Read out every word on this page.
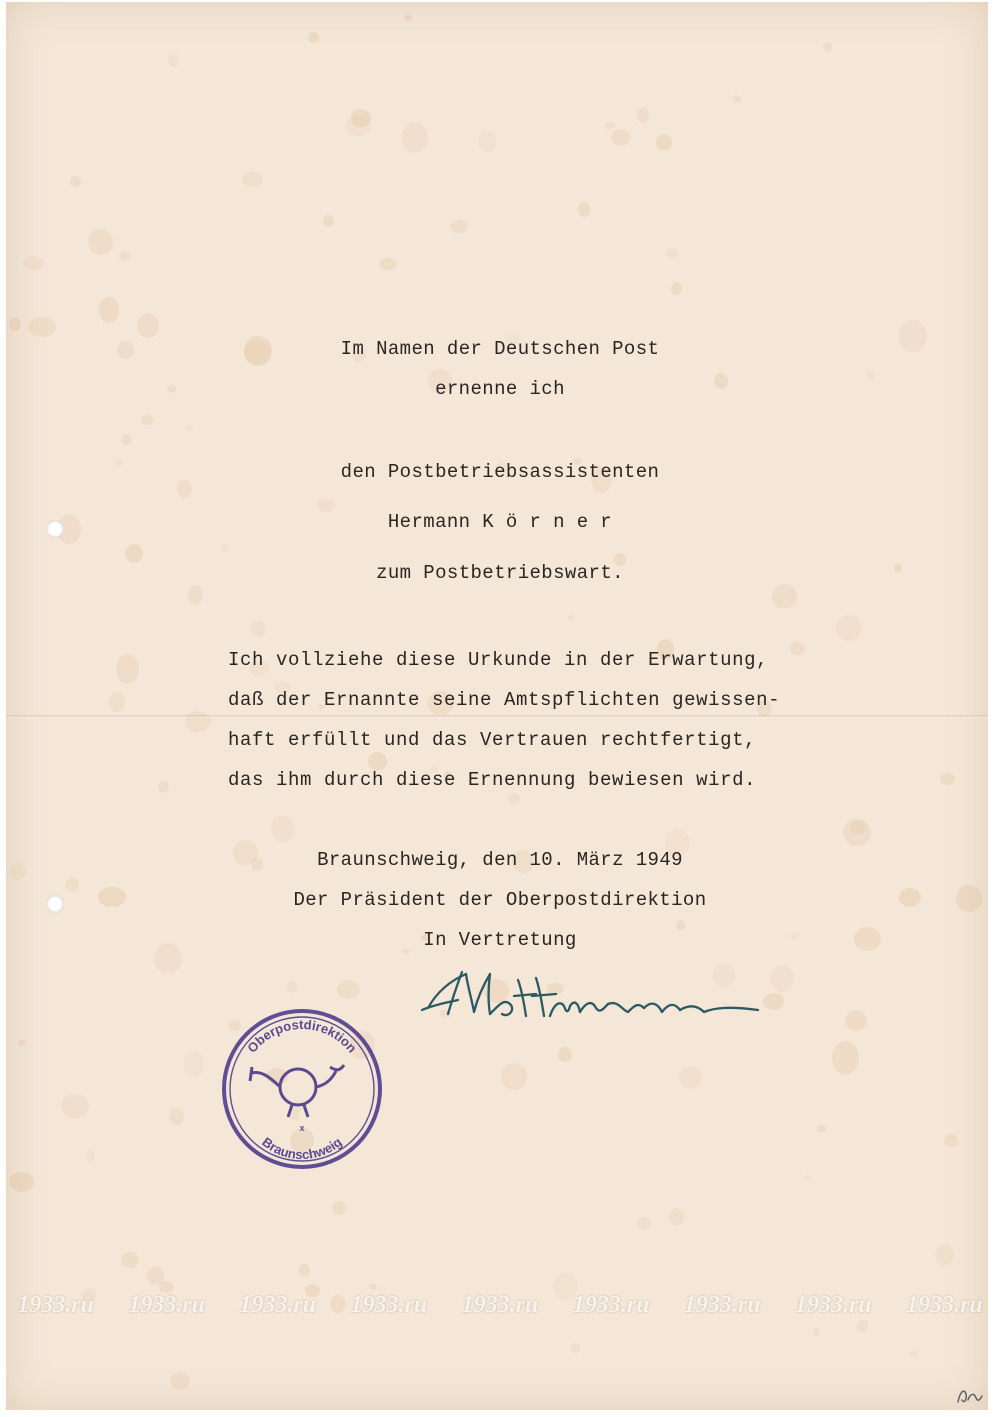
Im Namen der Deutschen Post
ernenne ich
den Postbetriebsassistenten
Hermann K ö r n e r
zum Postbetriebswart.
Ich vollziehe diese Urkunde in der Erwartung,
daß der Ernannte seine Amtspflichten gewissen-
haft erfüllt und das Vertrauen rechtfertigt,
das ihm durch diese Ernennung bewiesen wird.
Braunschweig, den 10. März 1949
Der Präsident der Oberpostdirektion
In Vertretung
Oberpostdirektion
Braunschweig
x
1933.ru 1933.ru 1933.ru 1933.ru 1933.ru 1933.ru 1933.ru 1933.ru 1933.ru
